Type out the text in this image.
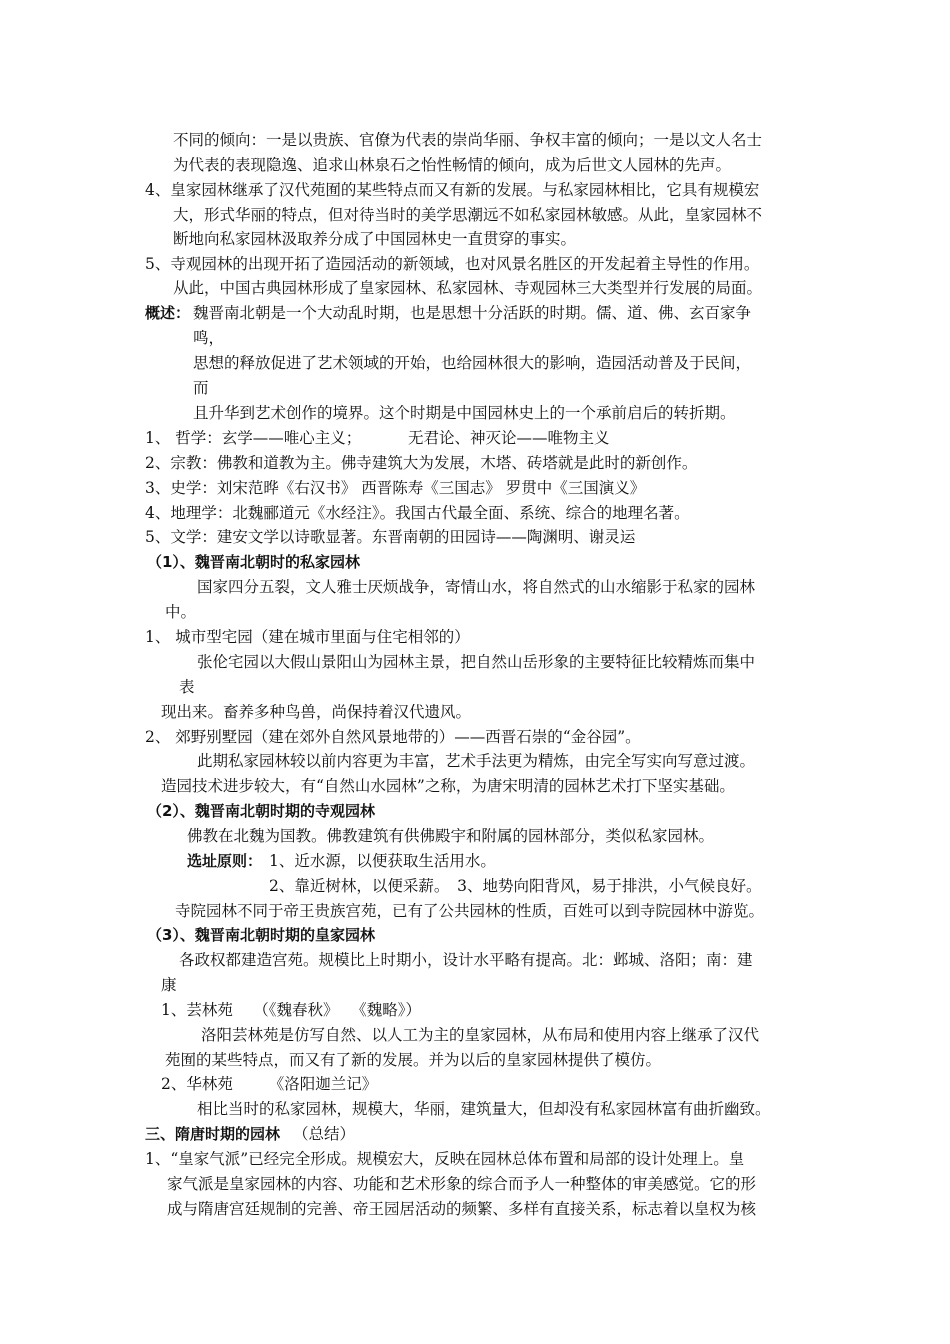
不同的倾向：一是以贵族、官僚为代表的崇尚华丽、争权丰富的倾向；一是以文人名士
为代表的表现隐逸、追求山林泉石之怡性畅情的倾向，成为后世文人园林的先声。
4、皇家园林继承了汉代苑囿的某些特点而又有新的发展。与私家园林相比，它具有规模宏
大，形式华丽的特点，但对待当时的美学思潮远不如私家园林敏感。从此，皇家园林不
断地向私家园林汲取养分成了中国园林史一直贯穿的事实。
5、寺观园林的出现开拓了造园活动的新领域，也对风景名胜区的开发起着主导性的作用。
从此，中国古典园林形成了皇家园林、私家园林、寺观园林三大类型并行发展的局面。
概述： 魏晋南北朝是一个大动乱时期，也是思想十分活跃的时期。儒、道、佛、玄百家争
鸣，
思想的释放促进了艺术领域的开始，也给园林很大的影响，造园活动普及于民间，
而
且升华到艺术创作的境界。这个时期是中国园林史上的一个承前启后的转折期。
1、 哲学：玄学——唯心主义；	无君论、神灭论——唯物主义
2、宗教：佛教和道教为主。佛寺建筑大为发展，木塔、砖塔就是此时的新创作。
3、史学：刘宋范晔《右汉书》 西晋陈寿《三国志》 罗贯中《三国演义》
4、地理学：北魏郦道元《水经注》。我国古代最全面、系统、综合的地理名著。
5、文学：建安文学以诗歌显著。东晋南朝的田园诗——陶渊明、谢灵运
（1）、魏晋南北朝时的私家园林
国家四分五裂，文人雅士厌烦战争，寄情山水，将自然式的山水缩影于私家的园林
中。
1、 城市型宅园（建在城市里面与住宅相邻的）
张伦宅园以大假山景阳山为园林主景，把自然山岳形象的主要特征比较精炼而集中
表
现出来。畜养多种鸟兽，尚保持着汉代遗风。
2、 郊野别墅园（建在郊外自然风景地带的）——西晋石崇的“金谷园”。
此期私家园林较以前内容更为丰富，艺术手法更为精炼，由完全写实向写意过渡。
造园技术进步较大，有“自然山水园林”之称，为唐宋明清的园林艺术打下坚实基础。
（2）、魏晋南北朝时期的寺观园林
佛教在北魏为国教。佛教建筑有供佛殿宇和附属的园林部分，类似私家园林。
选址原则： 1、近水源，以便获取生活用水。
2、靠近树林，以便采薪。　3、地势向阳背风，易于排洪，小气候良好。
寺院园林不同于帝王贵族宫苑，已有了公共园林的性质，百姓可以到寺院园林中游览。
（3）、魏晋南北朝时期的皇家园林
各政权都建造宫苑。规模比上时期小，设计水平略有提高。北：邺城、洛阳；南：建
康
1、芸林苑　 （《魏春秋》　 《魏略》）
洛阳芸林苑是仿写自然、以人工为主的皇家园林，从布局和使用内容上继承了汉代
苑囿的某些特点，而又有了新的发展。并为以后的皇家园林提供了模仿。
2、华林苑　　 《洛阳迦兰记》
相比当时的私家园林，规模大，华丽，建筑量大，但却没有私家园林富有曲折幽致。
三、隋唐时期的园林 （总结）
1、“皇家气派”已经完全形成。规模宏大，反映在园林总体布置和局部的设计处理上。皇
家气派是皇家园林的内容、功能和艺术形象的综合而予人一种整体的审美感觉。它的形
成与隋唐宫廷规制的完善、帝王园居活动的频繁、多样有直接关系，标志着以皇权为核
